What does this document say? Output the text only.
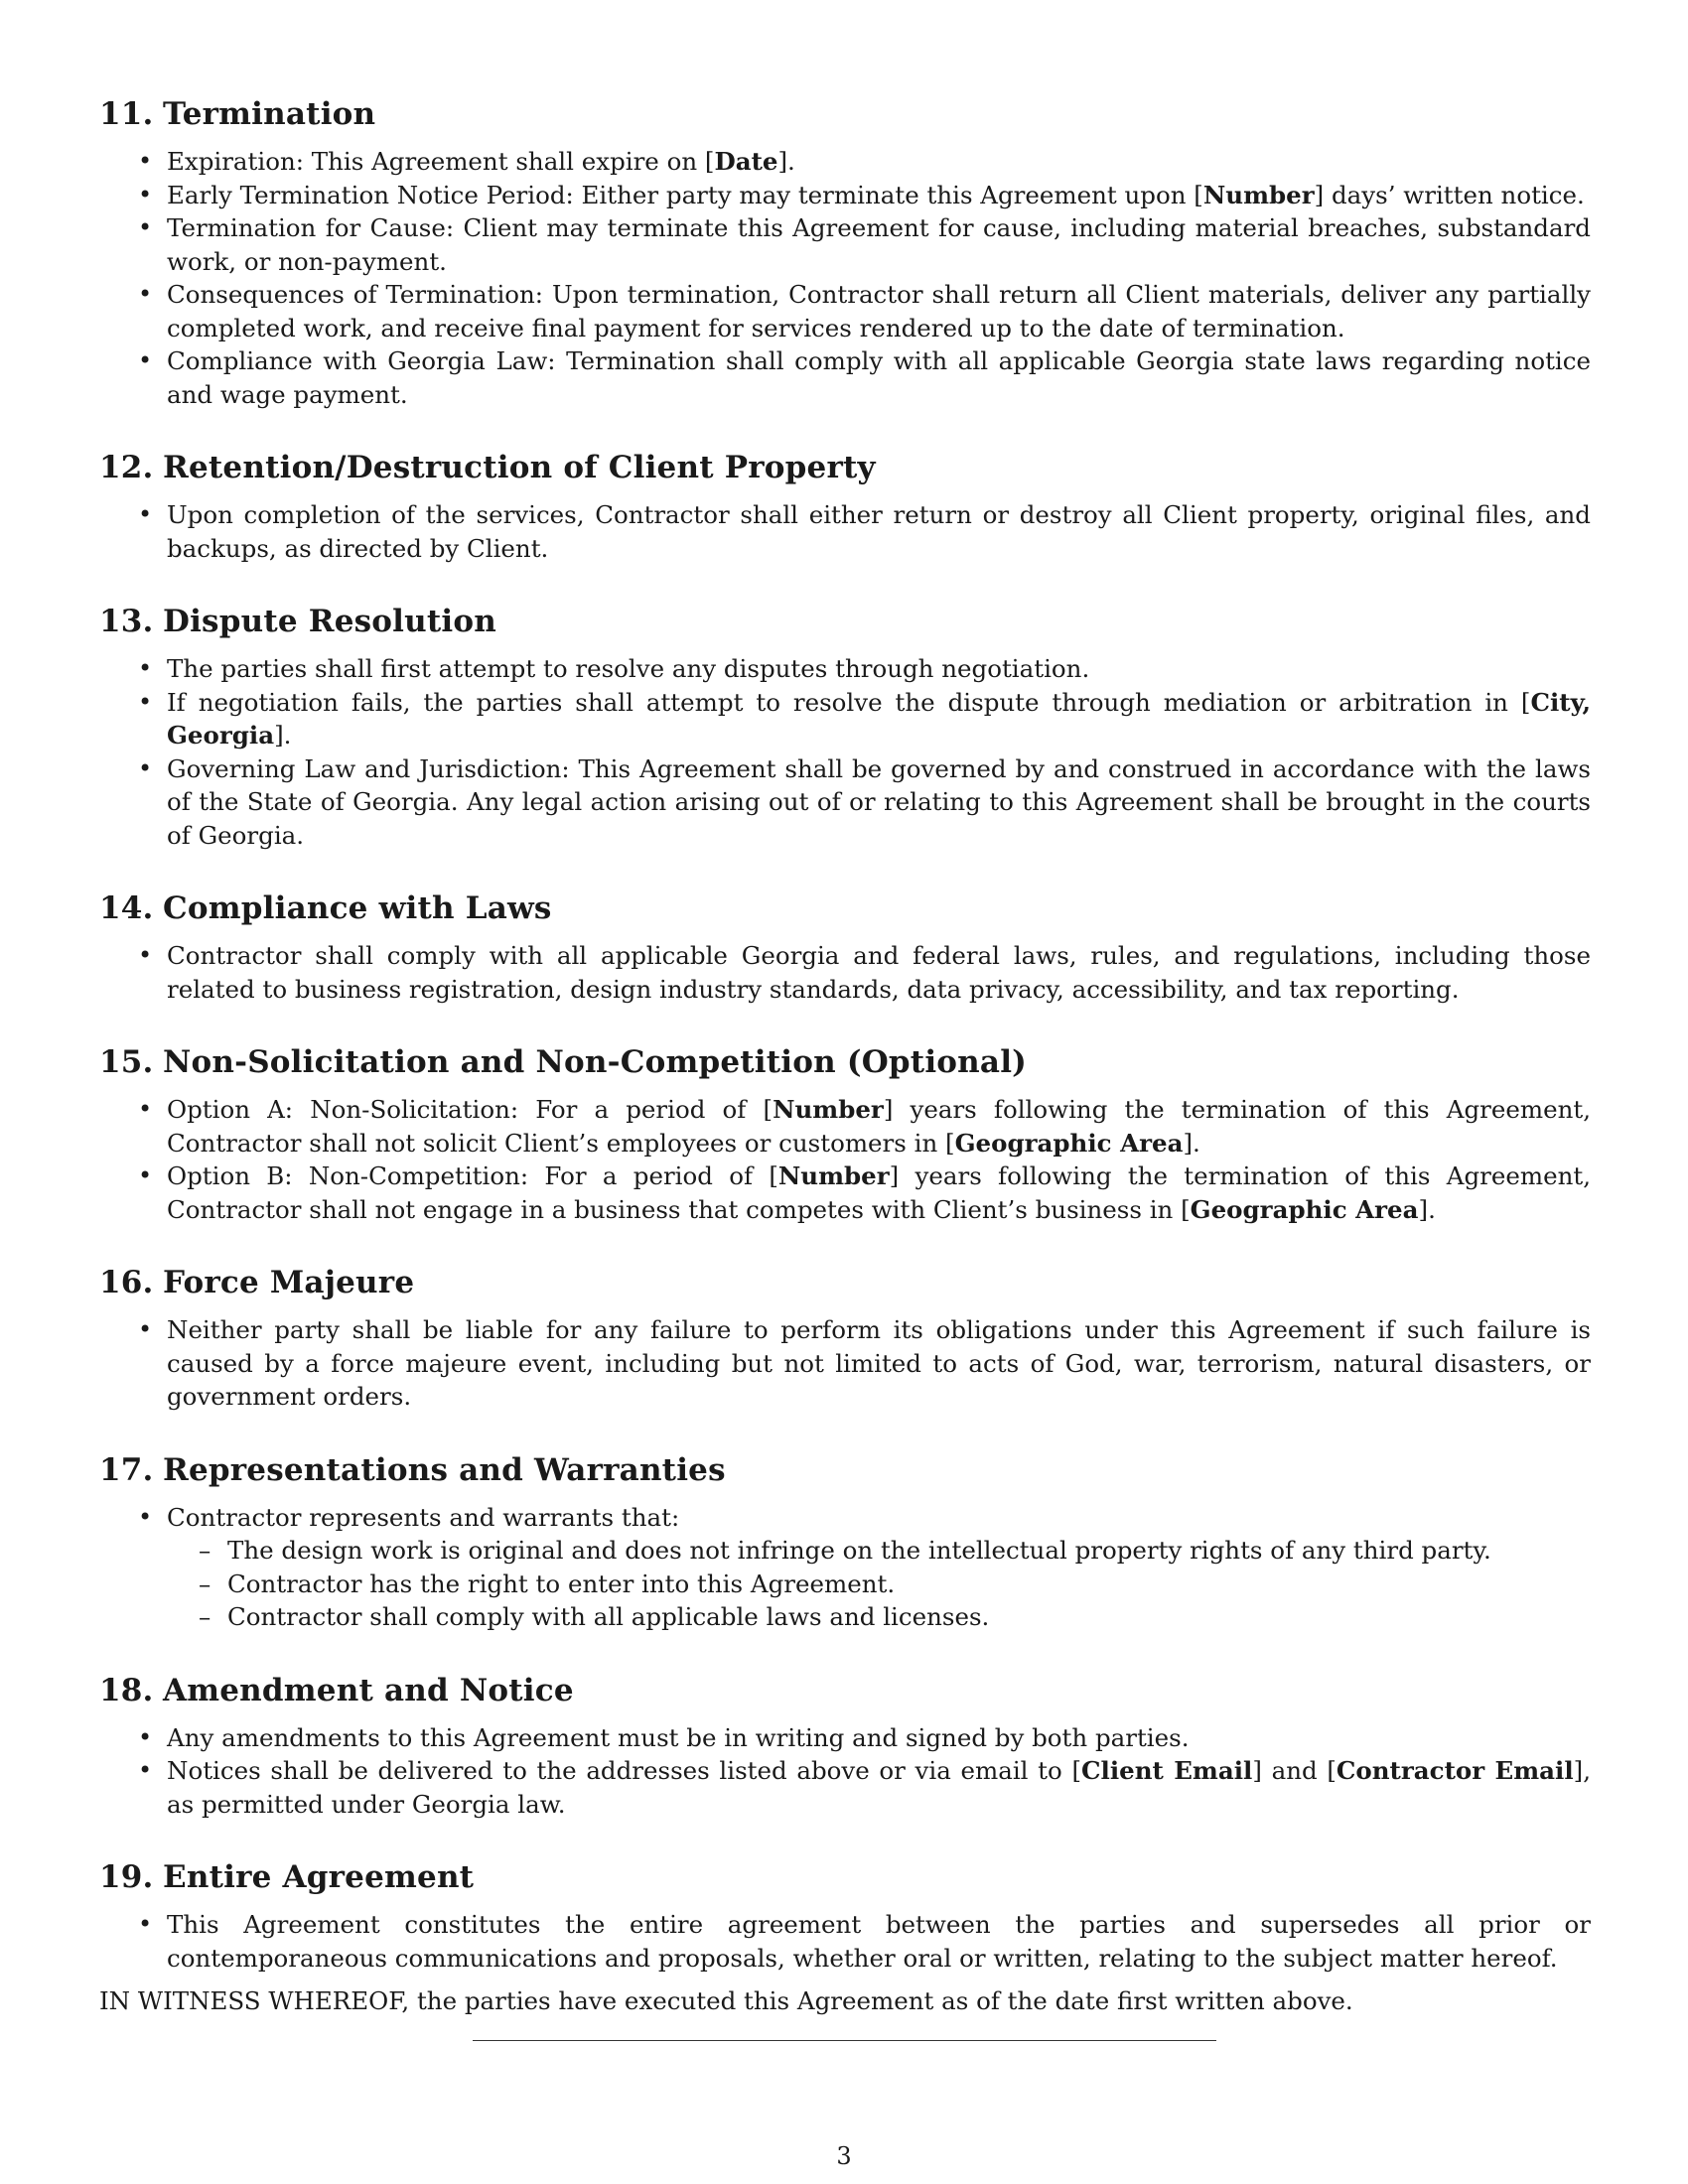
11. Termination
• Expiration: This Agreement shall expire on [Date].
• Early Termination Notice Period: Either party may terminate this Agreement upon [Number] days’ written notice.
• Termination for Cause: Client may terminate this Agreement for cause, including material breaches, substandard work, or non-payment.
• Consequences of Termination: Upon termination, Contractor shall return all Client materials, deliver any partially completed work, and receive final payment for services rendered up to the date of termination.
• Compliance with Georgia Law: Termination shall comply with all applicable Georgia state laws regarding notice and wage payment.
12. Retention/Destruction of Client Property
• Upon completion of the services, Contractor shall either return or destroy all Client property, original files, and backups, as directed by Client.
13. Dispute Resolution
• The parties shall first attempt to resolve any disputes through negotiation.
• If negotiation fails, the parties shall attempt to resolve the dispute through mediation or arbitration in [City, Georgia].
• Governing Law and Jurisdiction: This Agreement shall be governed by and construed in accordance with the laws of the State of Georgia. Any legal action arising out of or relating to this Agreement shall be brought in the courts of Georgia.
14. Compliance with Laws
• Contractor shall comply with all applicable Georgia and federal laws, rules, and regulations, including those related to business registration, design industry standards, data privacy, accessibility, and tax reporting.
15. Non-Solicitation and Non-Competition (Optional)
• Option A: Non-Solicitation: For a period of [Number] years following the termination of this Agreement, Contractor shall not solicit Client’s employees or customers in [Geographic Area].
• Option B: Non-Competition: For a period of [Number] years following the termination of this Agreement, Contractor shall not engage in a business that competes with Client’s business in [Geographic Area].
16. Force Majeure
• Neither party shall be liable for any failure to perform its obligations under this Agreement if such failure is caused by a force majeure event, including but not limited to acts of God, war, terrorism, natural disasters, or government orders.
17. Representations and Warranties
• Contractor represents and warrants that:
– The design work is original and does not infringe on the intellectual property rights of any third party.
– Contractor has the right to enter into this Agreement.
– Contractor shall comply with all applicable laws and licenses.
18. Amendment and Notice
• Any amendments to this Agreement must be in writing and signed by both parties.
• Notices shall be delivered to the addresses listed above or via email to [Client Email] and [Contractor Email], as permitted under Georgia law.
19. Entire Agreement
• This Agreement constitutes the entire agreement between the parties and supersedes all prior or contemporaneous communications and proposals, whether oral or written, relating to the subject matter hereof.

IN WITNESS WHEREOF, the parties have executed this Agreement as of the date first written above.

3
